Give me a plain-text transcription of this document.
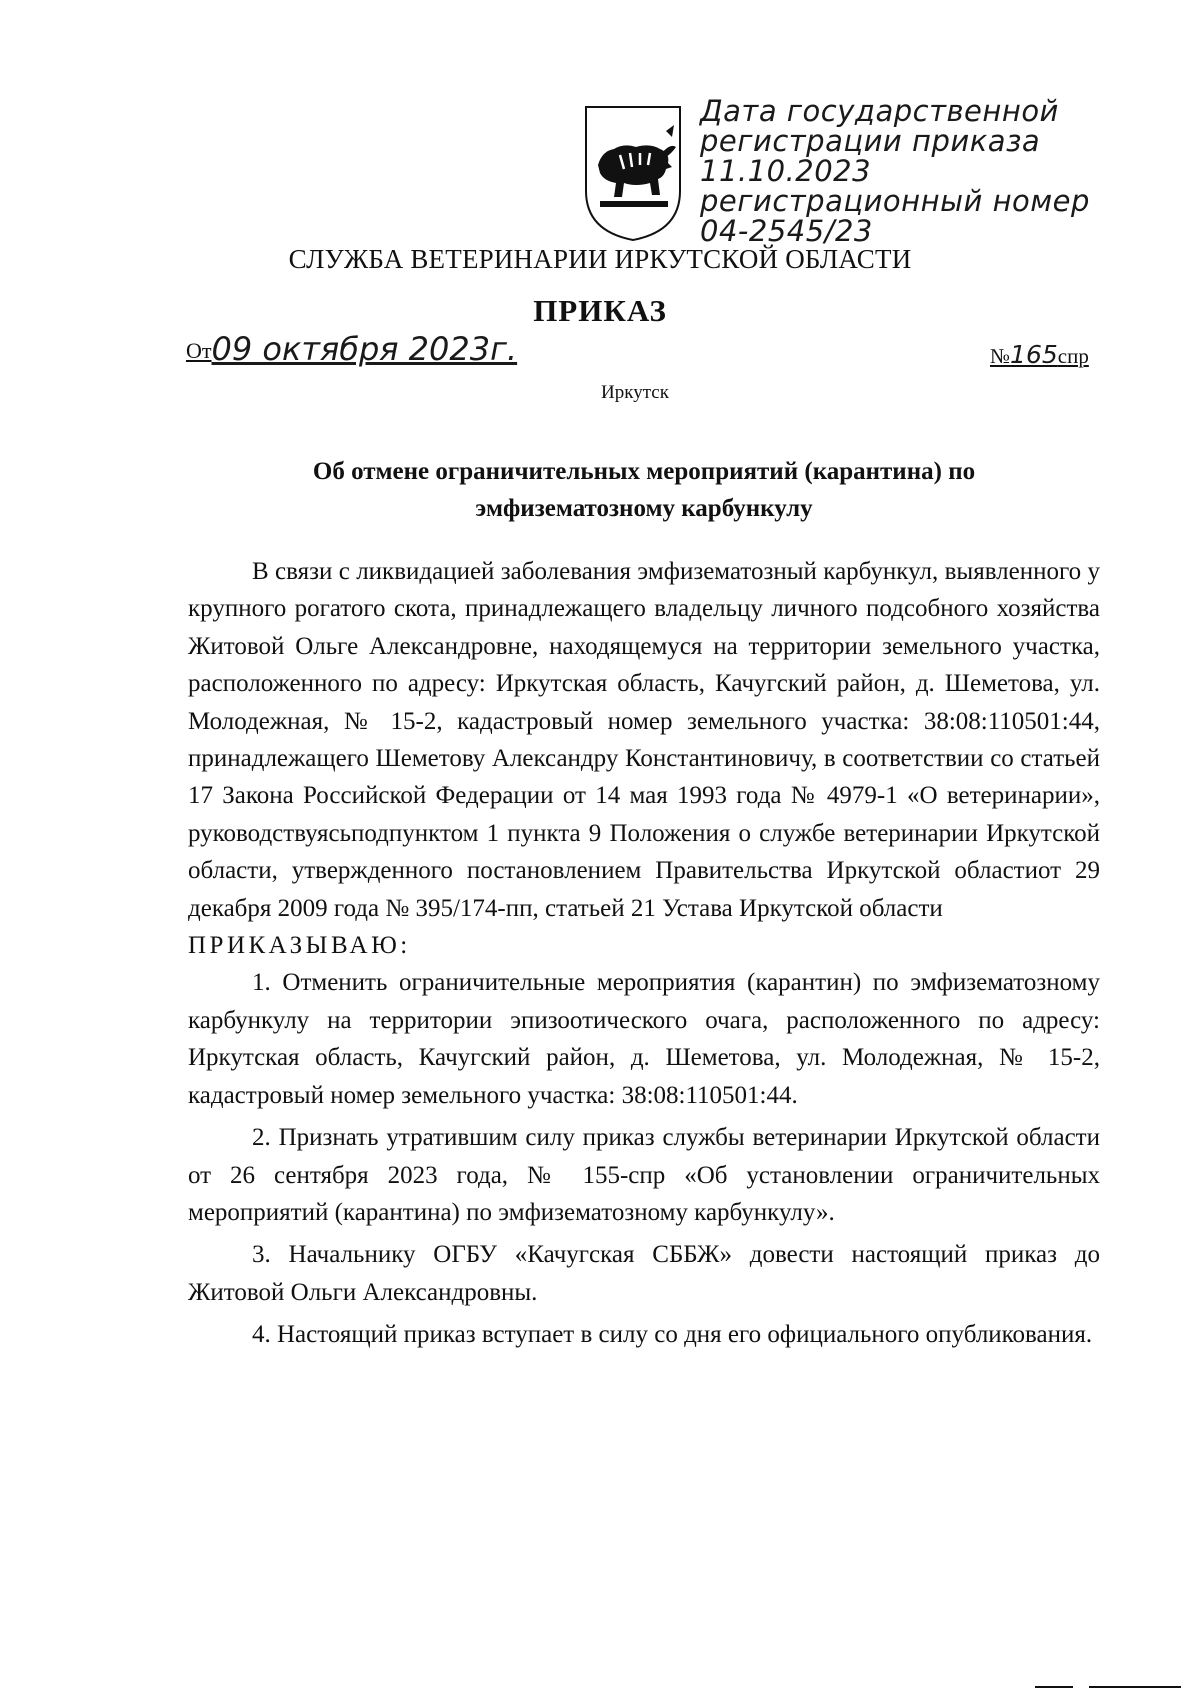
Дата государственной
регистрации приказа
11.10.2023
регистрационный номер
04-2545/23
СЛУЖБА ВЕТЕРИНАРИИ ИРКУТСКОЙ ОБЛАСТИ
ПРИКАЗ
От09 октября 2023г.	№165спр
Иркутск
Об отмене ограничительных мероприятий (карантина) по
эмфизематозному карбункулу

В связи с ликвидацией заболевания эмфизематозный карбункул, выявленного у крупного рогатого скота, принадлежащего владельцу личного подсобного хозяйства Житовой Ольге Александровне, находящемуся на территории земельного участка, расположенного по адресу: Иркутская область, Качугский район, д. Шеметова, ул. Молодежная, № 15-2, кадастровый номер земельного участка: 38:08:110501:44, принадлежащего Шеметову Александру Константиновичу, в соответствии со статьей 17 Закона Российской Федерации от 14 мая 1993 года № 4979-1 «О ветеринарии», руководствуясьподпунктом 1 пункта 9 Положения о службе ветеринарии Иркутской области, утвержденного постановлением Правительства Иркутской областиот 29 декабря 2009 года № 395/174-пп, статьей 21 Устава Иркутской области

ПРИКАЗЫВАЮ:

1. Отменить ограничительные мероприятия (карантин) по эмфизематозному карбункулу на территории эпизоотического очага, расположенного по адресу: Иркутская область, Качугский район, д. Шеметова, ул. Молодежная, № 15-2, кадастровый номер земельного участка: 38:08:110501:44.

2. Признать утратившим силу приказ службы ветеринарии Иркутской области от 26 сентября 2023 года, № 155-спр «Об установлении ограничительных мероприятий (карантина) по эмфизематозному карбункулу».

3. Начальнику ОГБУ «Качугская СББЖ» довести настоящий приказ до Житовой Ольги Александровны.

4. Настоящий приказ вступает в силу со дня его официального опубликования.
